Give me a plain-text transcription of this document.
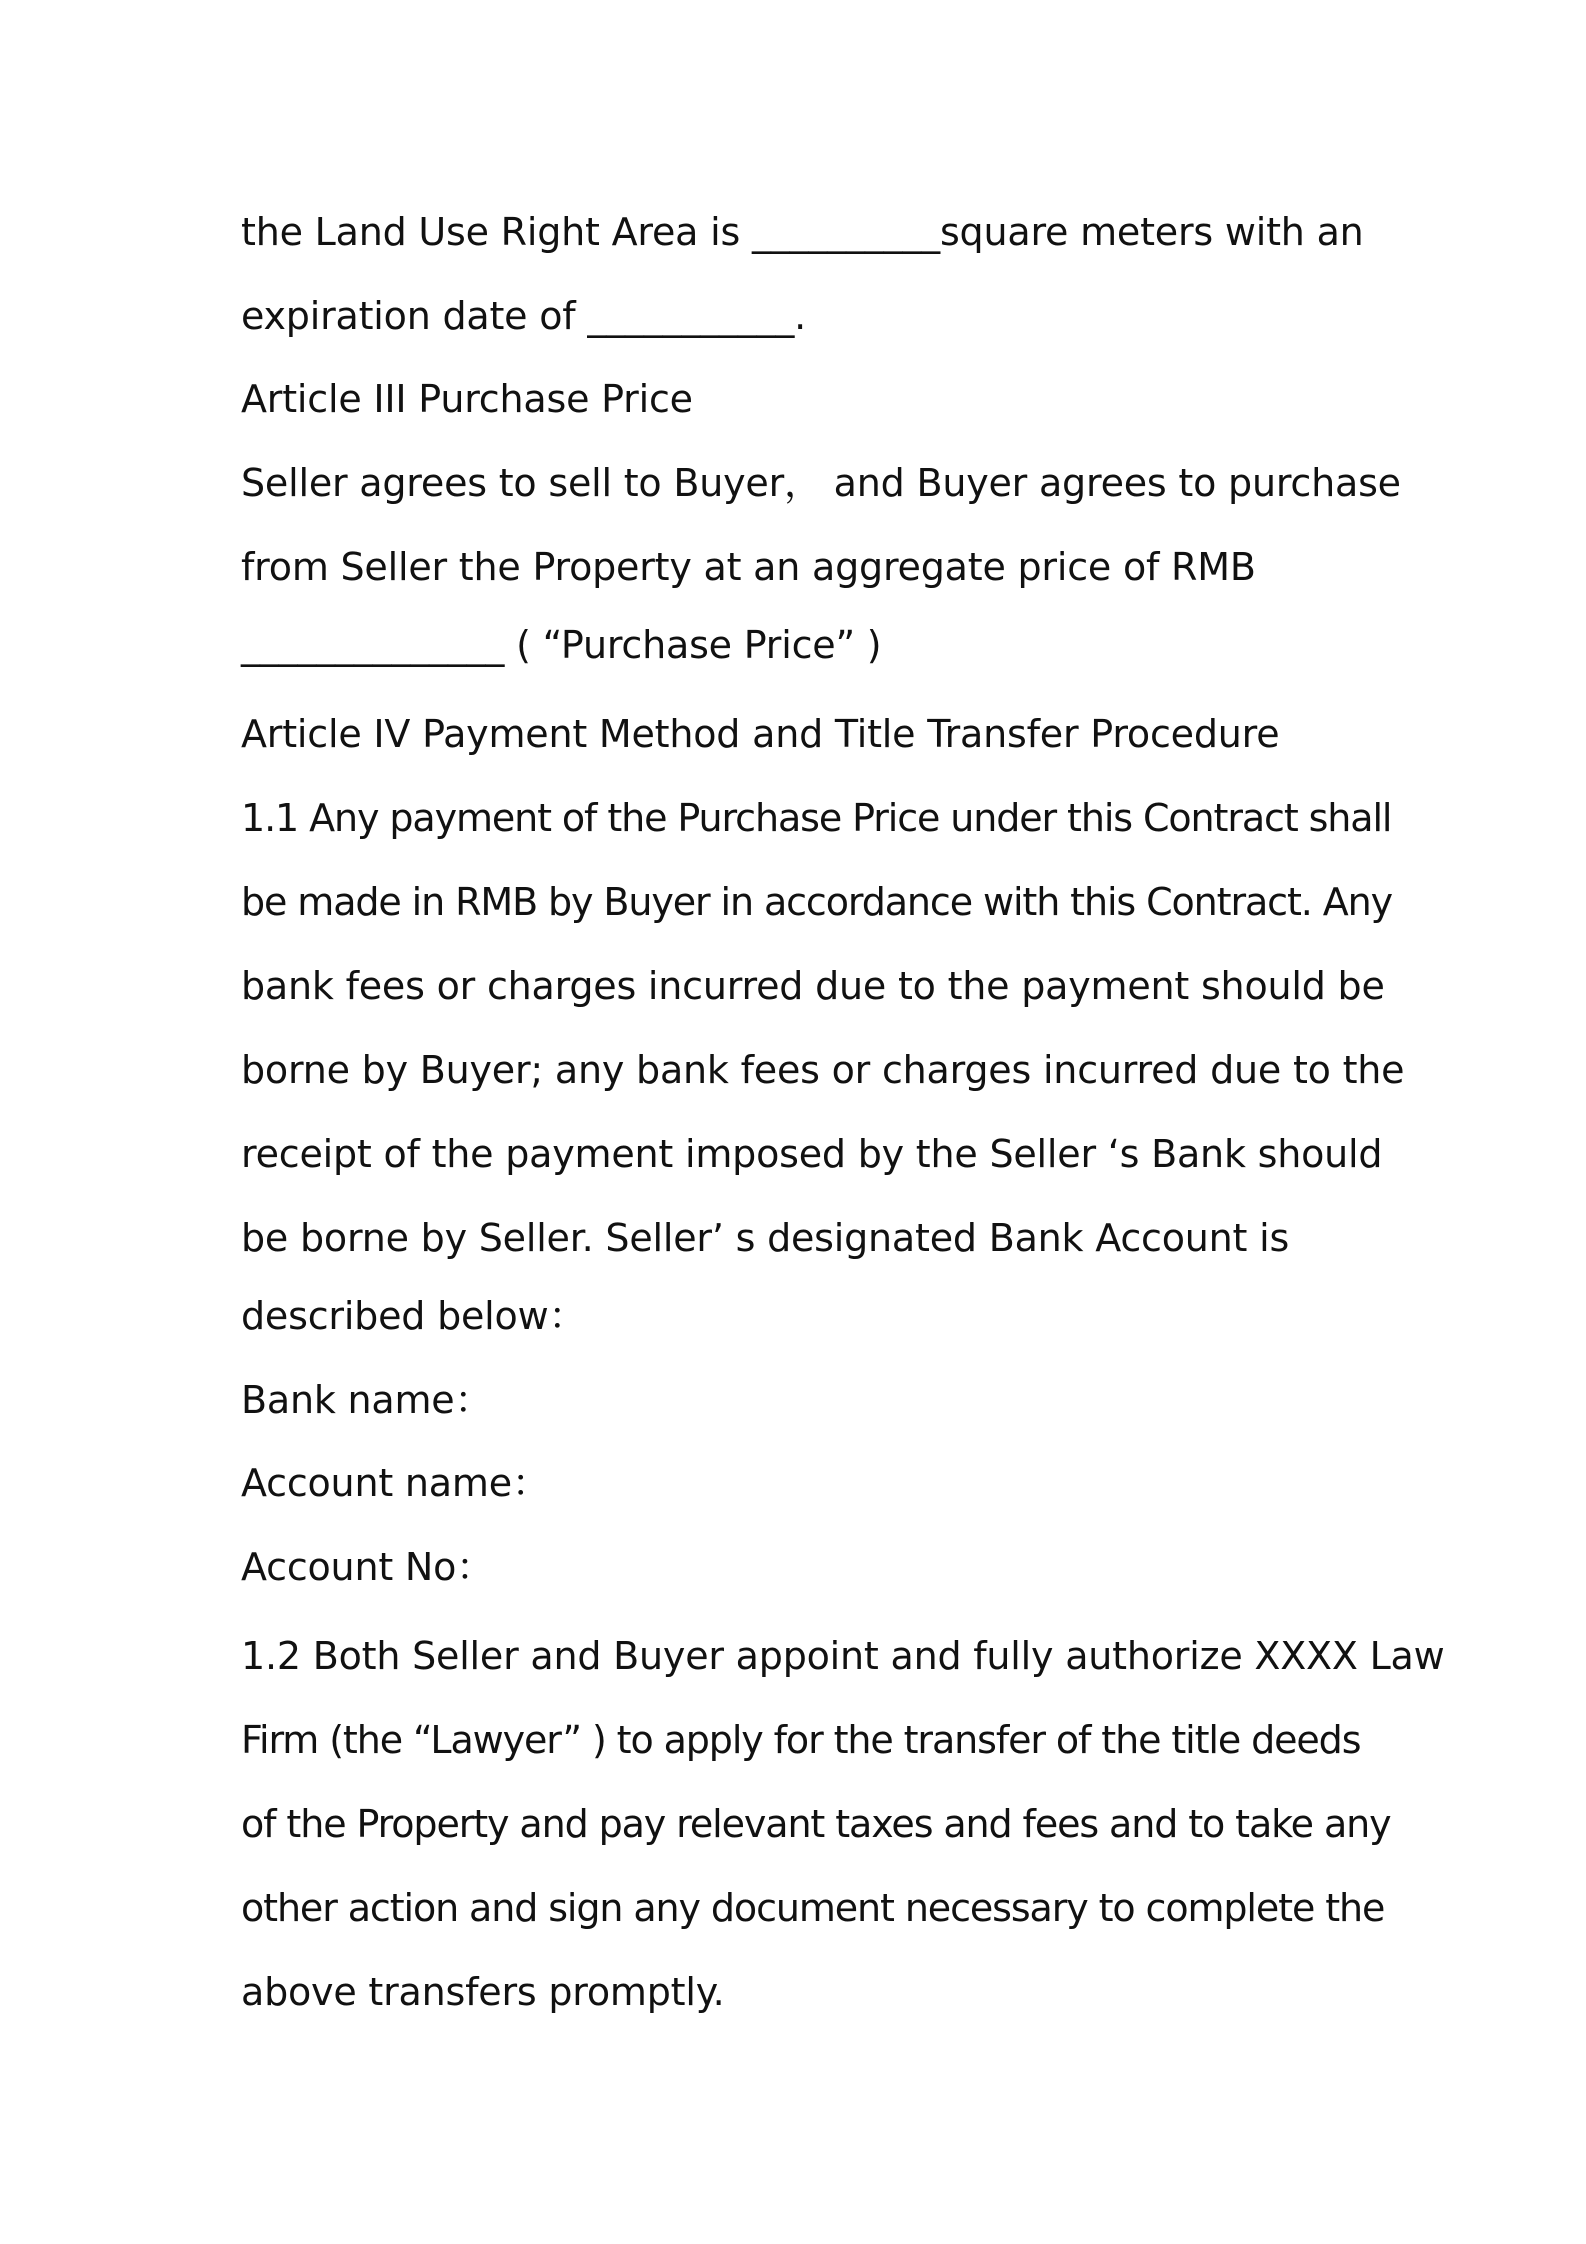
the Land Use Right Area is __________square meters with an
expiration date of ___________.
Article III Purchase Price
Seller agrees to sell to Buyer， and Buyer agrees to purchase
from Seller the Property at an aggregate price of RMB
______________ ( “Purchase Price” )
Article IV Payment Method and Title Transfer Procedure
1.1 Any payment of the Purchase Price under this Contract shall
be made in RMB by Buyer in accordance with this Contract. Any
bank fees or charges incurred due to the payment should be
borne by Buyer; any bank fees or charges incurred due to the
receipt of the payment imposed by the Seller ‘s Bank should
be borne by Seller. Seller’ s designated Bank Account is
described below：
Bank name：
Account name：
Account No：
1.2 Both Seller and Buyer appoint and fully authorize XXXX Law
Firm (the “Lawyer” ) to apply for the transfer of the title deeds
of the Property and pay relevant taxes and fees and to take any
other action and sign any document necessary to complete the
above transfers promptly.
